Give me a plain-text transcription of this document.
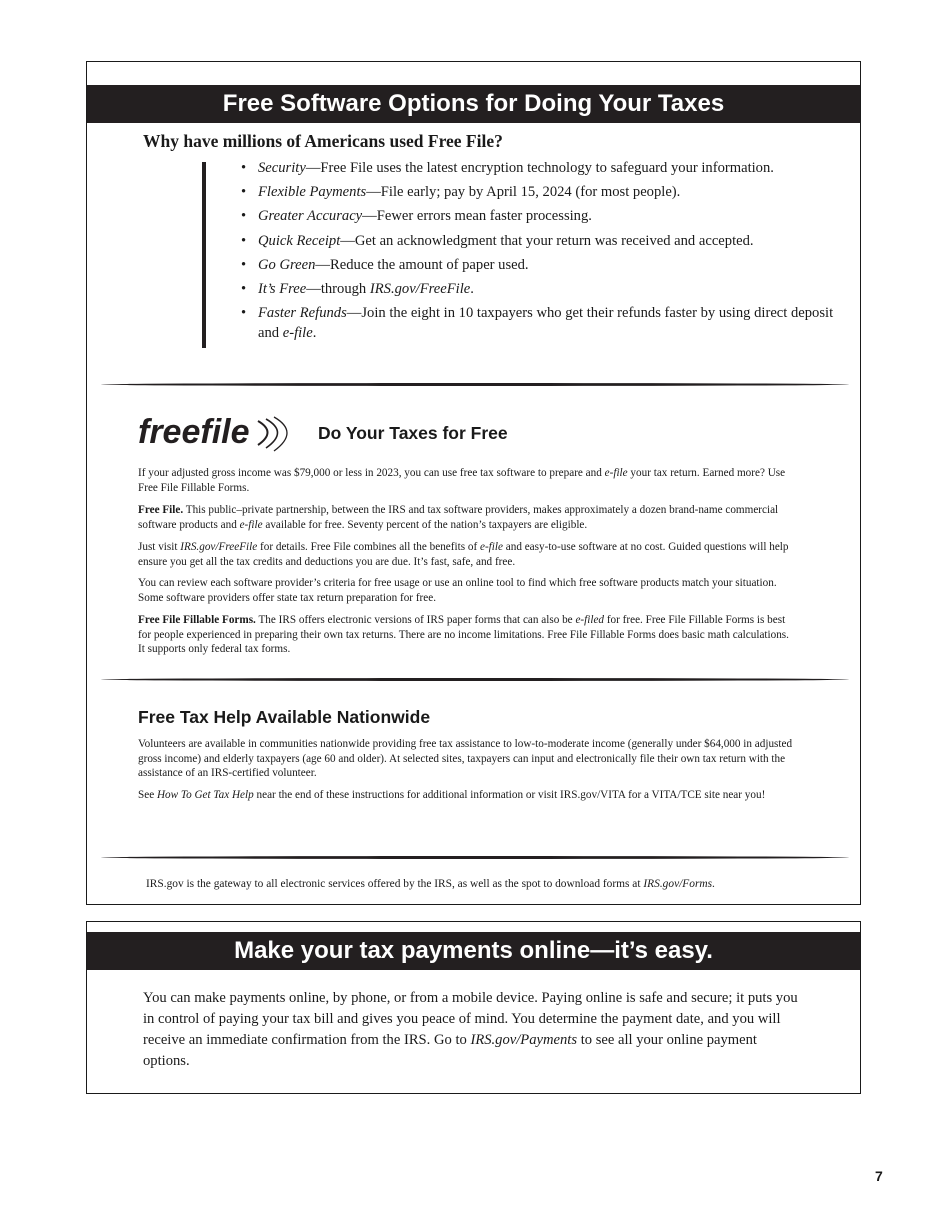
Free Software Options for Doing Your Taxes
Why have millions of Americans used Free File?
• Security—Free File uses the latest encryption technology to safeguard your information.
• Flexible Payments—File early; pay by April 15, 2024 (for most people).
• Greater Accuracy—Fewer errors mean faster processing.
• Quick Receipt—Get an acknowledgment that your return was received and accepted.
• Go Green—Reduce the amount of paper used.
• It’s Free—through IRS.gov/FreeFile.
• Faster Refunds—Join the eight in 10 taxpayers who get their refunds faster by using direct deposit and e-file.
freefile	Do Your Taxes for Free

If your adjusted gross income was $79,000 or less in 2023, you can use free tax software to prepare and e-file your tax return. Earned more? Use Free File Fillable Forms.

Free File. This public–private partnership, between the IRS and tax software providers, makes approximately a dozen brand-name commercial software products and e-file available for free. Seventy percent of the nation’s taxpayers are eligible.

Just visit IRS.gov/FreeFile for details. Free File combines all the benefits of e-file and easy-to-use software at no cost. Guided questions will help ensure you get all the tax credits and deductions you are due. It’s fast, safe, and free.

You can review each software provider’s criteria for free usage or use an online tool to find which free software products match your situation. Some software providers offer state tax return preparation for free.

Free File Fillable Forms. The IRS offers electronic versions of IRS paper forms that can also be e-filed for free. Free File Fillable Forms is best for people experienced in preparing their own tax returns. There are no income limitations. Free File Fillable Forms does basic math calculations. It supports only federal tax forms.

Free Tax Help Available Nationwide

Volunteers are available in communities nationwide providing free tax assistance to low-to-moderate income (generally under $64,000 in adjusted gross income) and elderly taxpayers (age 60 and older). At selected sites, taxpayers can input and electronically file their own tax return with the assistance of an IRS-certified volunteer.

See How To Get Tax Help near the end of these instructions for additional information or visit IRS.gov/VITA for a VITA/TCE site near you!

IRS.gov is the gateway to all electronic services offered by the IRS, as well as the spot to download forms at IRS.gov/Forms.

Make your tax payments online—it’s easy.

You can make payments online, by phone, or from a mobile device. Paying online is safe and secure; it puts you in control of paying your tax bill and gives you peace of mind. You determine the payment date, and you will receive an immediate confirmation from the IRS. Go to IRS.gov/Payments to see all your online payment options.

7
